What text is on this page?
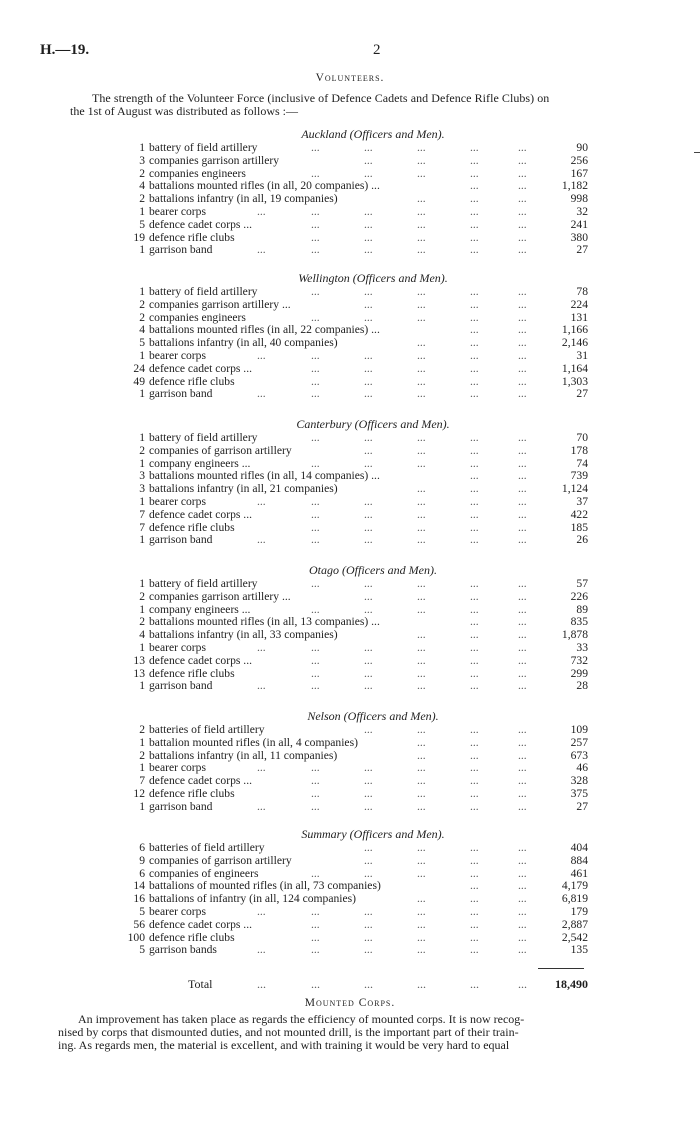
H.—19.	2
Volunteers.
The strength of the Volunteer Force (inclusive of Defence Cadets and Defence Rifle Clubs) on
the 1st of August was distributed as follows :—
Auckland (Officers and Men).
1 battery of field artillery	...	...	...	...	...	90
3 companies garrison artillery	...	...	...	...	256
2 companies engineers	...	...	...	...	...	167
4 battalions mounted rifles (in all, 20 companies) ...	...	...	1,182
2 battalions infantry (in all, 19 companies)	...	...	...	998
1 bearer corps	...	...	...	...	...	...	32
5 defence cadet corps ...	...	...	...	...	...	241
19 defence rifle clubs	...	...	...	...	...	380
1 garrison band	...	...	...	...	...	...	27
Wellington (Officers and Men).
1 battery of field artillery	...	...	...	...	...	78
2 companies garrison artillery ...	...	...	...	...	224
2 companies engineers	...	...	...	...	...	131
4 battalions mounted rifles (in all, 22 companies) ...	...	...	1,166
5 battalions infantry (in all, 40 companies)	...	...	...	2,146
1 bearer corps	...	...	...	...	...	...	31
24 defence cadet corps ...	...	...	...	...	...	1,164
49 defence rifle clubs	...	...	...	...	...	1,303
1 garrison band	...	...	...	...	...	...	27
Canterbury (Officers and Men).
1 battery of field artillery	...	...	...	...	...	70
2 companies of garrison artillery	...	...	...	...	178
1 company engineers ...	...	...	...	...	...	74
3 battalions mounted rifles (in all, 14 companies) ...	...	...	739
3 battalions infantry (in all, 21 companies)	...	...	...	1,124
1 bearer corps	...	...	...	...	...	...	37
7 defence cadet corps ...	...	...	...	...	...	422
7 defence rifle clubs	...	...	...	...	...	185
1 garrison band	...	...	...	...	...	...	26
Otago (Officers and Men).
1 battery of field artillery	...	...	...	...	...	57
2 companies garrison artillery ...	...	...	...	...	226
1 company engineers ...	...	...	...	...	...	89
2 battalions mounted rifles (in all, 13 companies) ...	...	...	835
4 battalions infantry (in all, 33 companies)	...	...	...	1,878
1 bearer corps	...	...	...	...	...	...	33
13 defence cadet corps ...	...	...	...	...	...	732
13 defence rifle clubs	...	...	...	...	...	299
1 garrison band	...	...	...	...	...	...	28
Nelson (Officers and Men).
2 batteries of field artillery	...	...	...	...	109
1 battalion mounted rifles (in all, 4 companies)	...	...	...	257
2 battalions infantry (in all, 11 companies)	...	...	...	673
1 bearer corps	...	...	...	...	...	...	46
7 defence cadet corps ...	...	...	...	...	...	328
12 defence rifle clubs	...	...	...	...	...	375
1 garrison band	...	...	...	...	...	...	27
Summary (Officers and Men).
6 batteries of field artillery	...	...	...	...	404
9 companies of garrison artillery	...	...	...	...	884
6 companies of engineers	...	...	...	...	...	461
14 battalions of mounted rifles (in all, 73 companies)	...	...	4,179
16 battalions of infantry (in all, 124 companies)	...	...	...	6,819
5 bearer corps	...	...	...	...	...	...	179
56 defence cadet corps ...	...	...	...	...	...	2,887
100 defence rifle clubs	...	...	...	...	...	2,542
5 garrison bands	...	...	...	...	...	...	135
Total	...	...	...	...	...	... 18,490
Mounted Corps.
An improvement has taken place as regards the efficiency of mounted corps. It is now recog-
nised by corps that dismounted duties, and not mounted drill, is the important part of their train-
ing. As regards men, the material is excellent, and with training it would be very hard to equal
